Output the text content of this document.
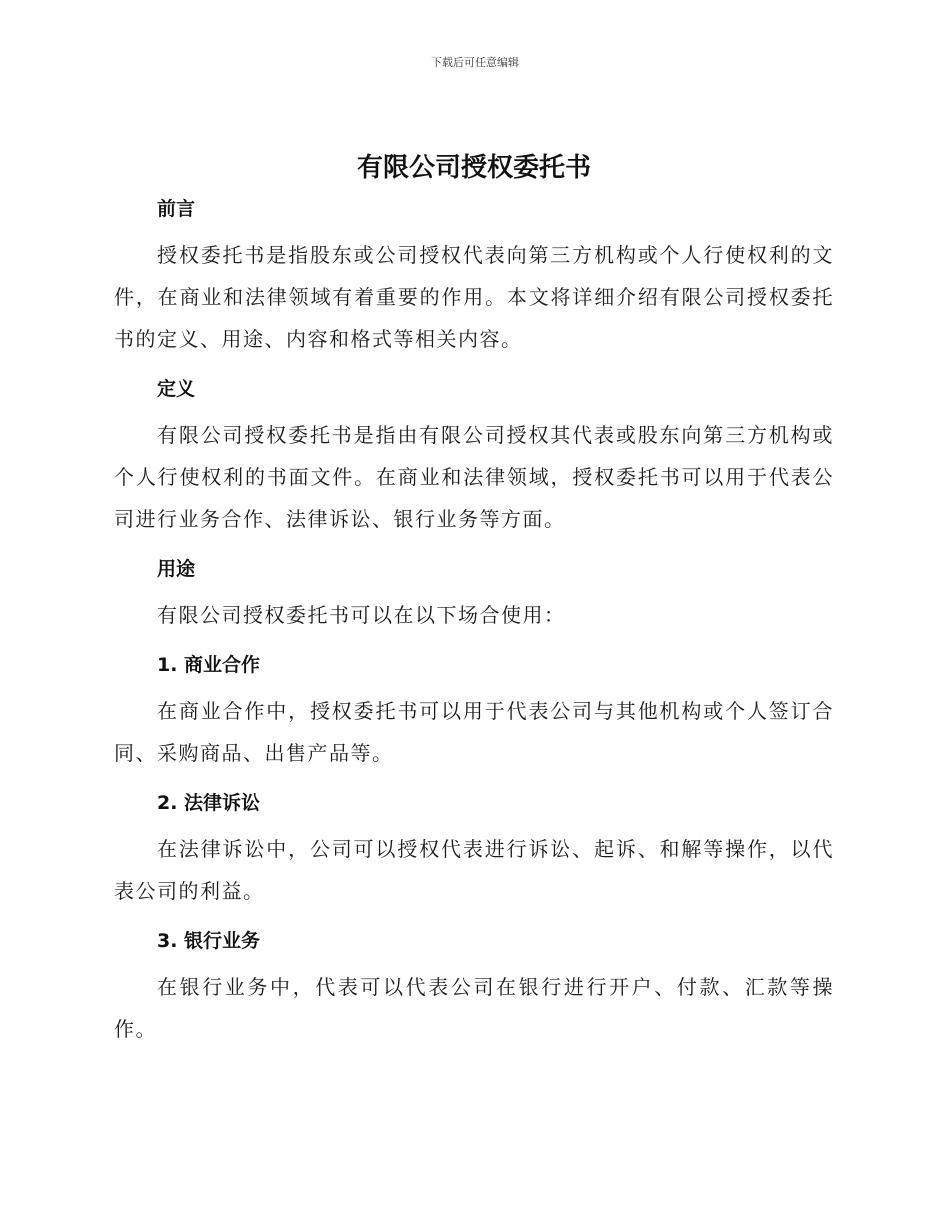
下载后可任意编辑
有限公司授权委托书
前言

授权委托书是指股东或公司授权代表向第三方机构或个人行使权利的文件，在商业和法律领域有着重要的作用。本文将详细介绍有限公司授权委托书的定义、用途、内容和格式等相关内容。

定义

有限公司授权委托书是指由有限公司授权其代表或股东向第三方机构或个人行使权利的书面文件。在商业和法律领域，授权委托书可以用于代表公司进行业务合作、法律诉讼、银行业务等方面。

用途

有限公司授权委托书可以在以下场合使用：

1. 商业合作

在商业合作中，授权委托书可以用于代表公司与其他机构或个人签订合同、采购商品、出售产品等。

2. 法律诉讼

在法律诉讼中，公司可以授权代表进行诉讼、起诉、和解等操作，以代表公司的利益。

3. 银行业务

在银行业务中，代表可以代表公司在银行进行开户、付款、汇款等操作。
